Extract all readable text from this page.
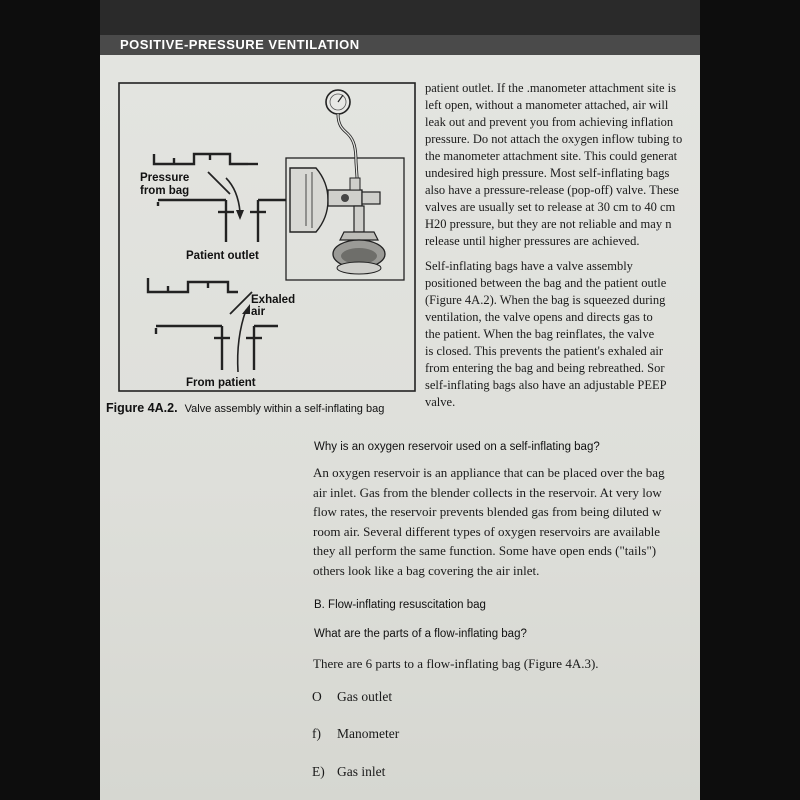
POSITIVE-PRESSURE VENTILATION
Pressure
from bag
Patient outlet
Exhaled
air
From patient
Figure 4A.2. Valve assembly within a self-inflating bag

patient outlet. If the .manometer attachment site is

left open, without a manometer attached, air will

leak out and prevent you from achieving inflation

pressure. Do not attach the oxygen inflow tubing to

the manometer attachment site. This could generat

undesired high pressure. Most self-inflating bags

also have a pressure-release (pop-off) valve. These

valves are usually set to release at 30 cm to 40 cm

H20 pressure, but they are not reliable and may n

release until higher pressures are achieved.

Self-inflating bags have a valve assembly

positioned between the bag and the patient outle

(Figure 4A.2). When the bag is squeezed during

ventilation, the valve opens and directs gas to

the patient. When the bag reinflates, the valve

is closed. This prevents the patient's exhaled air

from entering the bag and being rebreathed. Sor

self-inflating bags also have an adjustable PEEP

valve.

Why is an oxygen reservoir used on a self-inflating bag?
An oxygen reservoir is an appliance that can be placed over the bag
air inlet. Gas from the blender collects in the reservoir. At very low
flow rates, the reservoir prevents blended gas from being diluted w
room air. Several different types of oxygen reservoirs are available
they all perform the same function. Some have open ends ("tails")
others look like a bag covering the air inlet.
B. Flow-inflating resuscitation bag
What are the parts of a flow-inflating bag?
There are 6 parts to a flow-inflating bag (Figure 4A.3).
O Gas outlet
f) Manometer
E) Gas inlet
